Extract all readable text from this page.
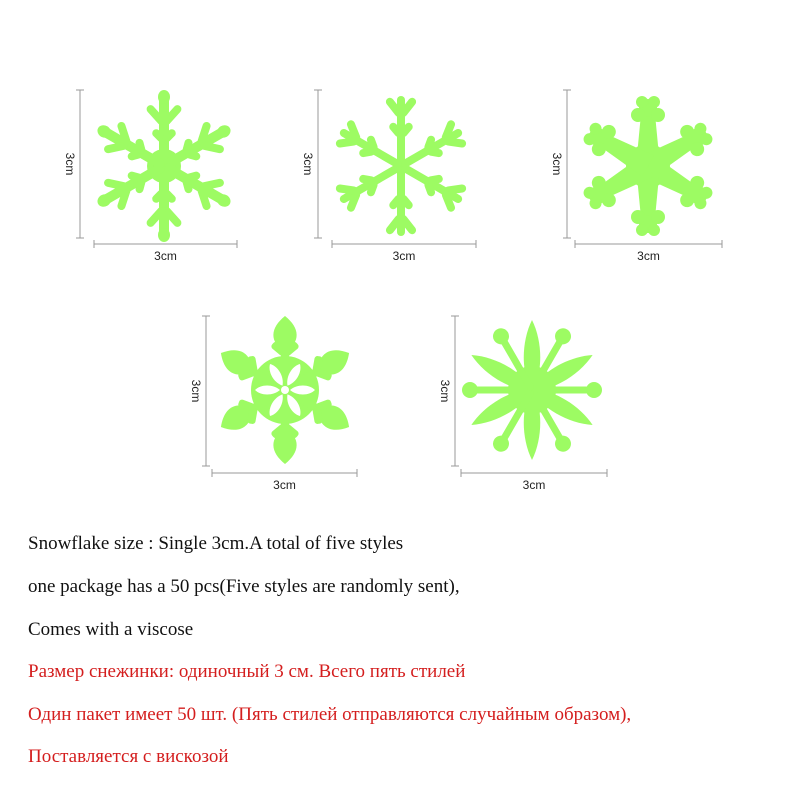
3cm
3cm
3cm
3cm
3cm
3cm
3cm
3cm
3cm
3cm
Snowflake size : Single 3cm.A total of five styles
one package has a 50 pcs(Five styles are randomly sent),
Comes with a viscose
Размер снежинки: одиночный 3 см. Всего пять стилей
Один пакет имеет 50 шт. (Пять стилей отправляются случайным образом),
Поставляется с вискозой
